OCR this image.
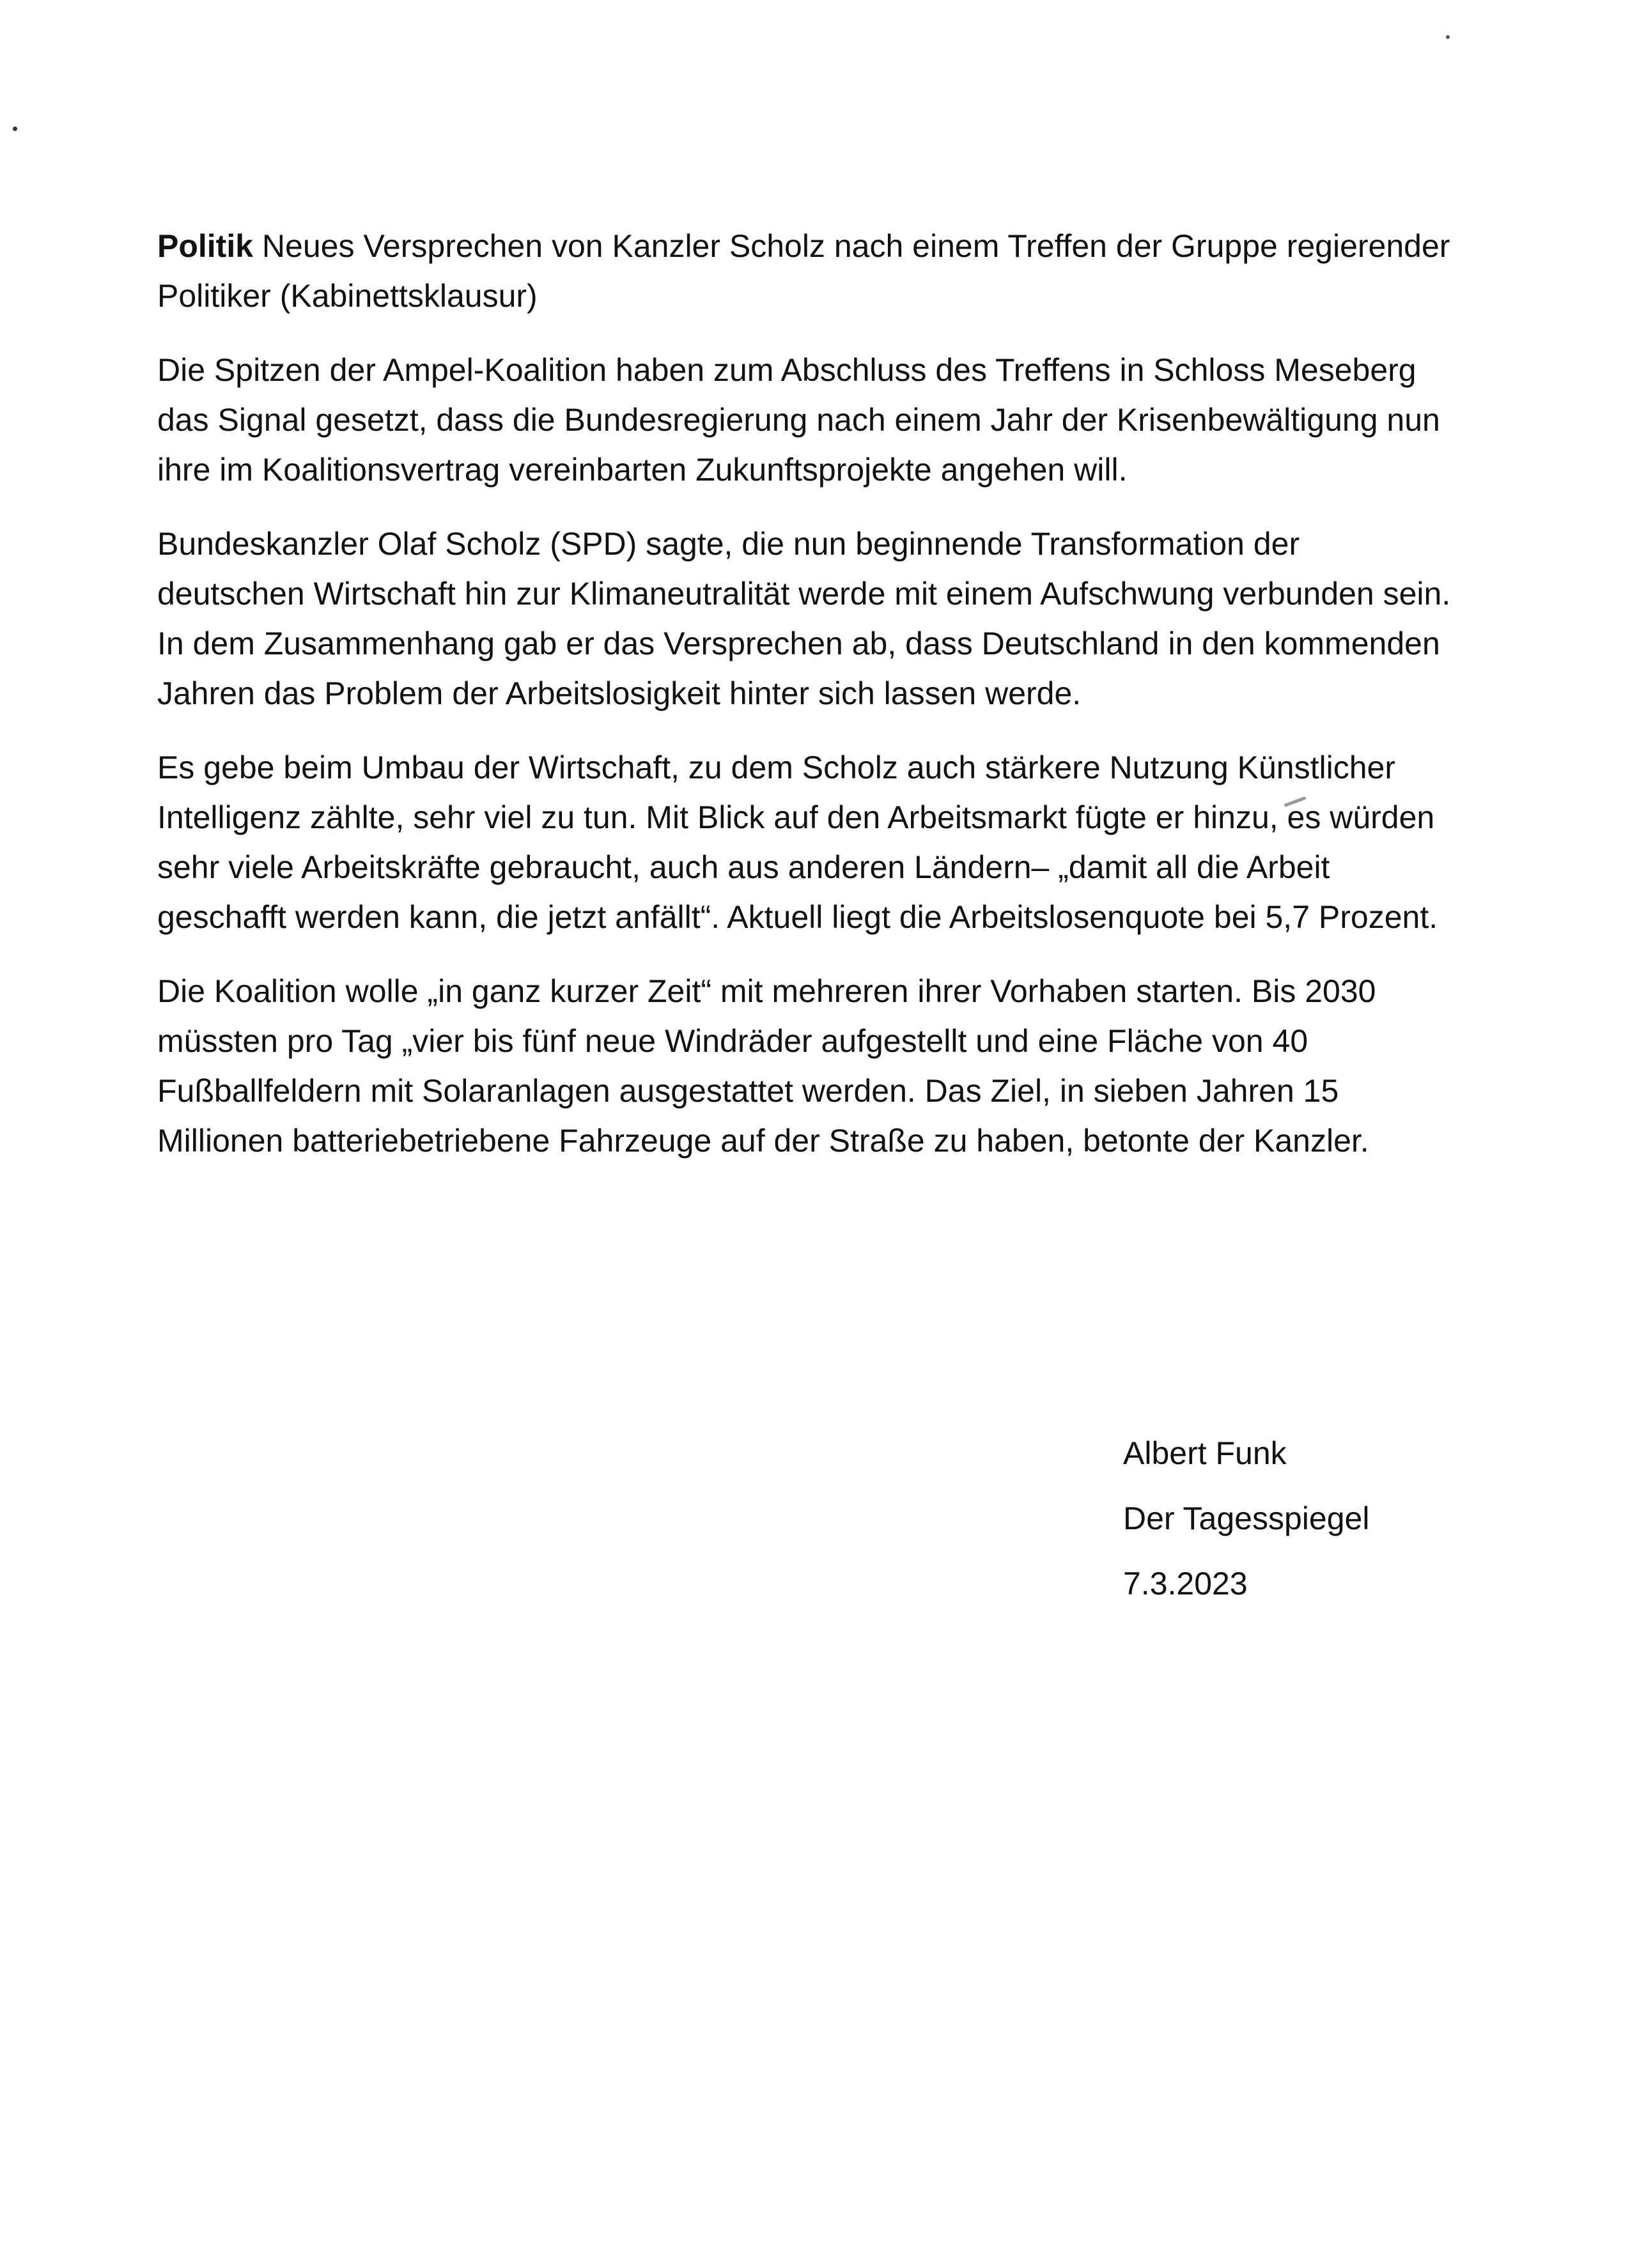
Politik Neues Versprechen von Kanzler Scholz nach einem Treffen der Gruppe regierender Politiker (Kabinettsklausur)

Die Spitzen der Ampel-Koalition haben zum Abschluss des Treffens in Schloss Meseberg das Signal gesetzt, dass die Bundesregierung nach einem Jahr der Krisenbewältigung nun ihre im Koalitionsvertrag vereinbarten Zukunftsprojekte angehen will.

Bundeskanzler Olaf Scholz (SPD) sagte, die nun beginnende Transformation der deutschen Wirtschaft hin zur Klimaneutralität werde mit einem Aufschwung verbunden sein. In dem Zusammenhang gab er das Versprechen ab, dass Deutschland in den kommenden Jahren das Problem der Arbeitslosigkeit hinter sich lassen werde.

Es gebe beim Umbau der Wirtschaft, zu dem Scholz auch stärkere Nutzung Künstlicher Intelligenz zählte, sehr viel zu tun. Mit Blick auf den Arbeitsmarkt fügte er hinzu, es würden sehr viele Arbeitskräfte gebraucht, auch aus anderen Ländern– „damit all die Arbeit geschafft werden kann, die jetzt anfällt“. Aktuell liegt die Arbeitslosenquote bei 5,7 Prozent.

Die Koalition wolle „in ganz kurzer Zeit“ mit mehreren ihrer Vorhaben starten. Bis 2030 müssten pro Tag „vier bis fünf neue Windräder aufgestellt und eine Fläche von 40 Fußballfeldern mit Solaranlagen ausgestattet werden. Das Ziel, in sieben Jahren 15 Millionen batteriebetriebene Fahrzeuge auf der Straße zu haben, betonte der Kanzler.

Albert Funk
Der Tagesspiegel
7.3.2023
